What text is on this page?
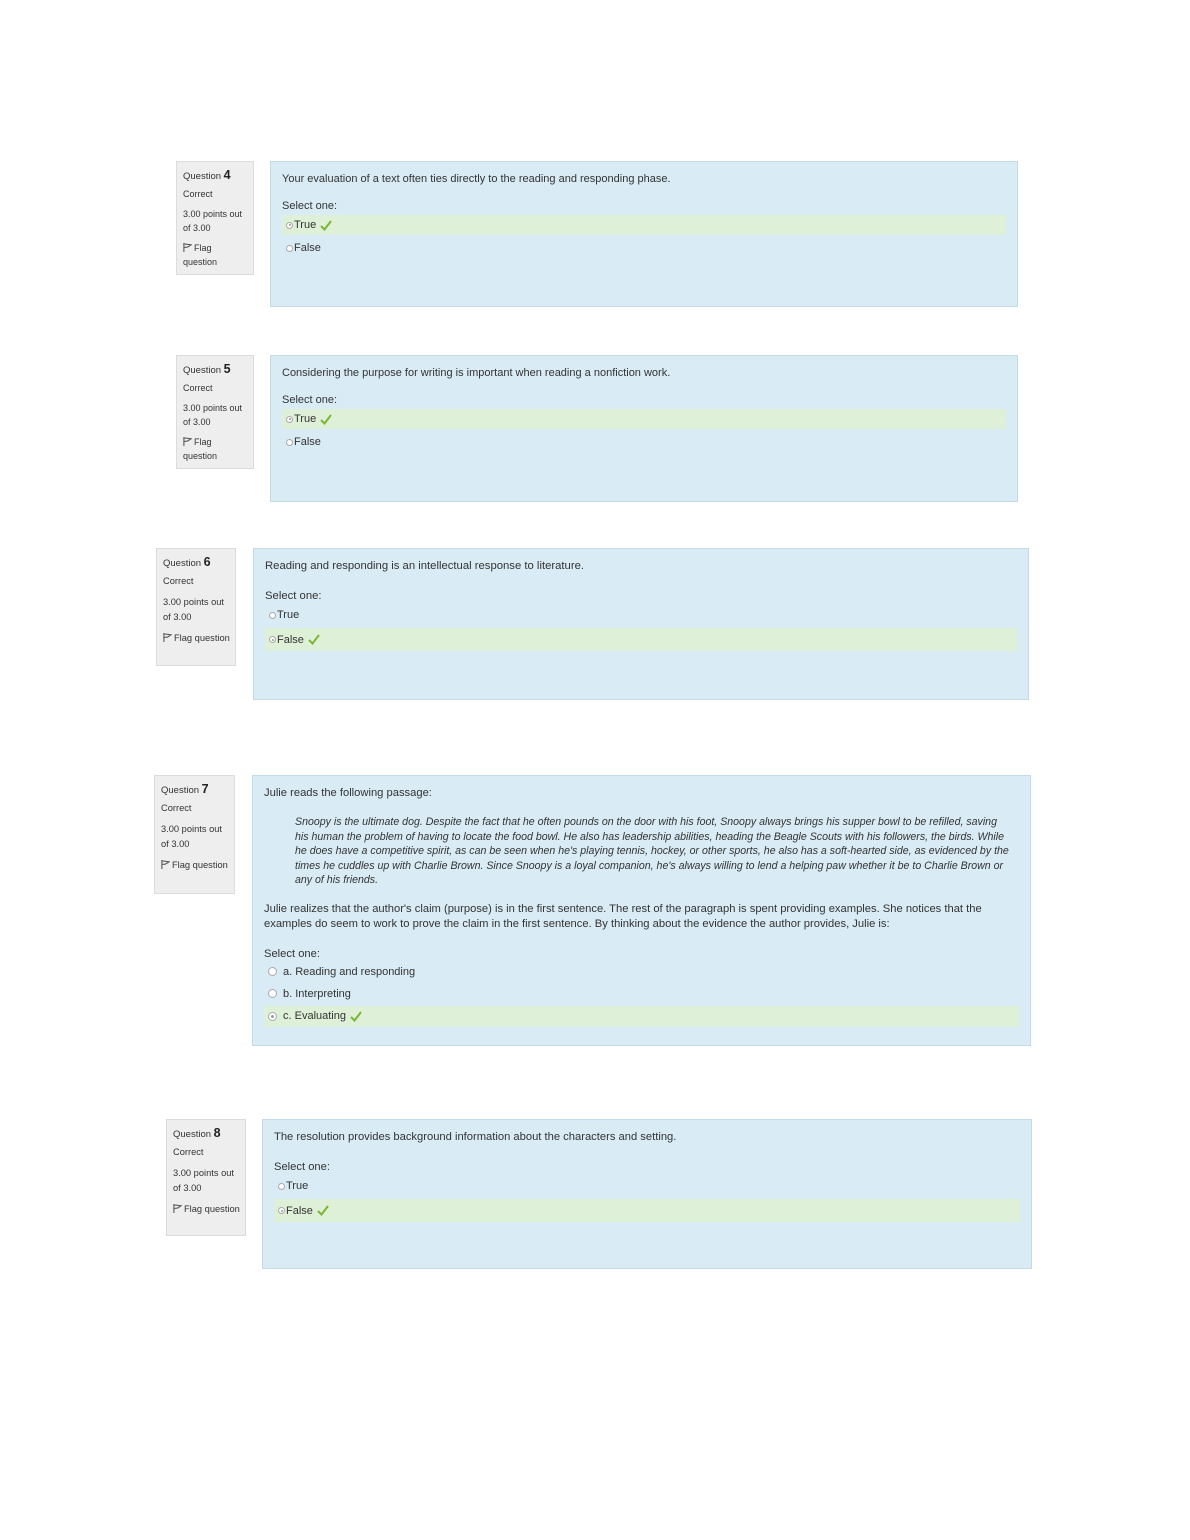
Question 4
Correct
3.00 points out of 3.00
Flag question
Your evaluation of a text often ties directly to the reading and responding phase.
Select one:
True
False
Question 5
Correct
3.00 points out of 3.00
Flag question
Considering the purpose for writing is important when reading a nonfiction work.
Select one:
True
False
Question 6
Correct
3.00 points out of 3.00
Flag question
Reading and responding is an intellectual response to literature.
Select one:
True
False
Question 7
Correct
3.00 points out of 3.00
Flag question
Julie reads the following passage:
Snoopy is the ultimate dog. Despite the fact that he often pounds on the door with his foot, Snoopy always brings his supper bowl to be refilled, saving his human the problem of having to locate the food bowl. He also has leadership abilities, heading the Beagle Scouts with his followers, the birds. While he does have a competitive spirit, as can be seen when he's playing tennis, hockey, or other sports, he also has a soft-hearted side, as evidenced by the times he cuddles up with Charlie Brown. Since Snoopy is a loyal companion, he's always willing to lend a helping paw whether it be to Charlie Brown or any of his friends.
Julie realizes that the author's claim (purpose) is in the first sentence. The rest of the paragraph is spent providing examples. She notices that the examples do seem to work to prove the claim in the first sentence. By thinking about the evidence the author provides, Julie is:
Select one:
a. Reading and responding
b. Interpreting
c. Evaluating
Question 8
Correct
3.00 points out of 3.00
Flag question
The resolution provides background information about the characters and setting.
Select one:
True
False
